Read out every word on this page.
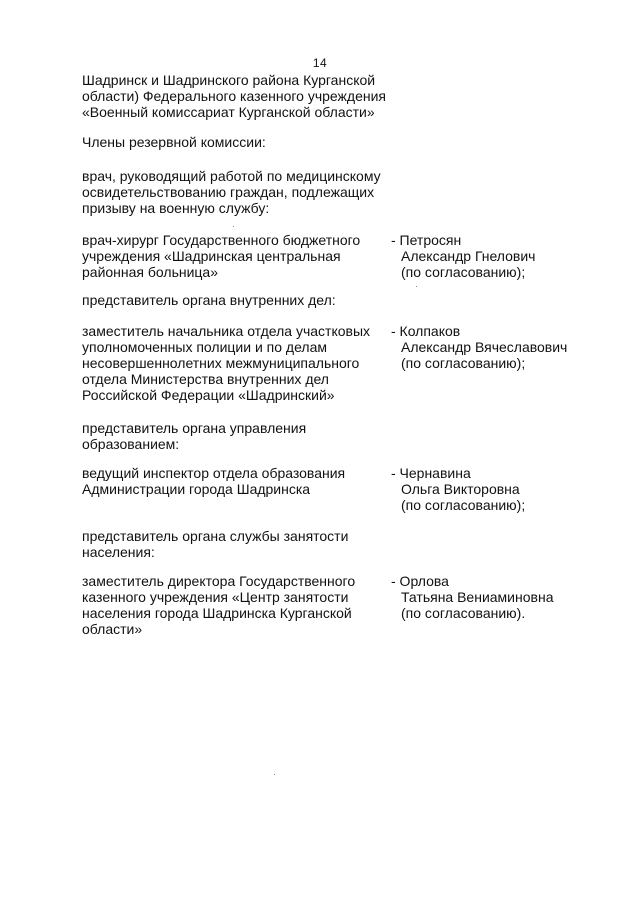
14
Шадринск и Шадринского района Курганской
области) Федерального казенного учреждения
«Военный комиссариат Курганской области»
Члены резервной комиссии:
врач, руководящий работой по медицинскому
освидетельствованию граждан, подлежащих
призыву на военную службу:
врач-хирург Государственного бюджетного
учреждения «Шадринская центральная
районная больница»
- Петросян
Александр Гнелович
(по согласованию);
представитель органа внутренних дел:
заместитель начальника отдела участковых
уполномоченных полиции и по делам
несовершеннолетних межмуниципального
отдела Министерства внутренних дел
Российской Федерации «Шадринский»
- Колпаков
Александр Вячеславович
(по согласованию);
представитель органа управления
образованием:
ведущий инспектор отдела образования
Администрации города Шадринска
- Чернавина
Ольга Викторовна
(по согласованию);
представитель органа службы занятости
населения:
заместитель директора Государственного
казенного учреждения «Центр занятости
населения города Шадринска Курганской
области»
- Орлова
Татьяна Вениаминовна
(по согласованию).
